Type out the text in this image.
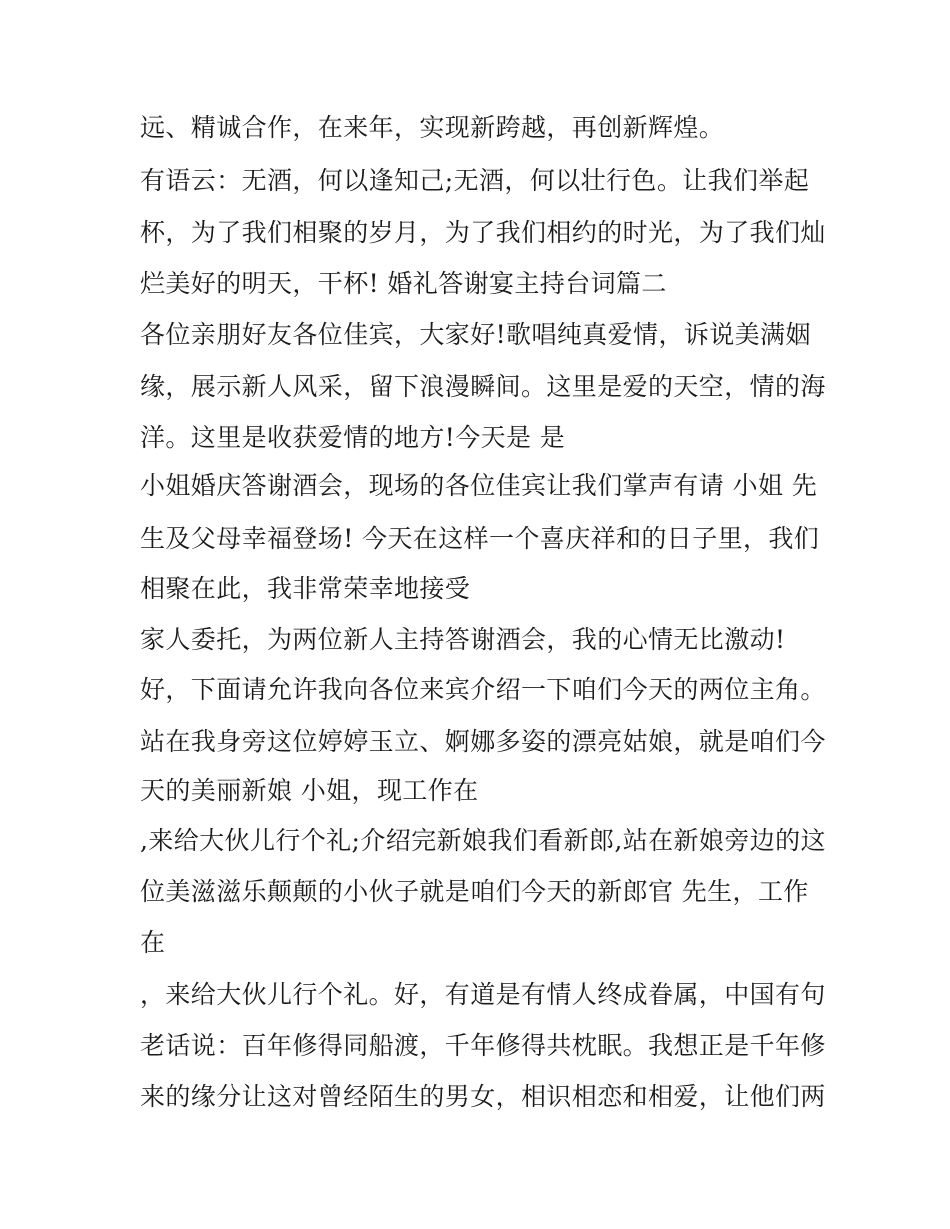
远、精诚合作，在来年，实现新跨越，再创新辉煌。
有语云：无酒，何以逢知己;无酒，何以壮行色。让我们举起
杯，为了我们相聚的岁月，为了我们相约的时光，为了我们灿
烂美好的明天，干杯! 婚礼答谢宴主持台词篇二
各位亲朋好友各位佳宾，大家好!歌唱纯真爱情，诉说美满姻
缘，展示新人风采，留下浪漫瞬间。这里是爱的天空，情的海
洋。这里是收获爱情的地方!今天是 是
小姐婚庆答谢酒会，现场的各位佳宾让我们掌声有请 小姐 先
生及父母幸福登场! 今天在这样一个喜庆祥和的日子里，我们
相聚在此，我非常荣幸地接受
家人委托，为两位新人主持答谢酒会，我的心情无比激动!
好，下面请允许我向各位来宾介绍一下咱们今天的两位主角。
站在我身旁这位婷婷玉立、婀娜多姿的漂亮姑娘，就是咱们今
天的美丽新娘 小姐，现工作在
,来给大伙儿行个礼;介绍完新娘我们看新郎,站在新娘旁边的这
位美滋滋乐颠颠的小伙子就是咱们今天的新郎官 先生，工作
在
，来给大伙儿行个礼。好，有道是有情人终成眷属，中国有句
老话说：百年修得同船渡，千年修得共枕眠。我想正是千年修
来的缘分让这对曾经陌生的男女，相识相恋和相爱，让他们两
